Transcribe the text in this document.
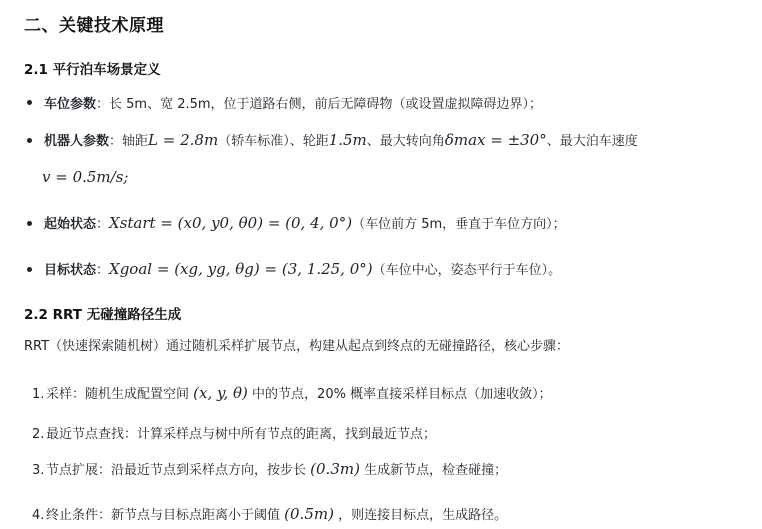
二、关键技术原理
2.1 平行泊车场景定义
车位参数：长 5m、宽 2.5m，位于道路右侧，前后无障碍物（或设置虚拟障碍边界）；
机器人参数：轴距L = 2.8m（轿车标准）、轮距1.5m、最大转向角δmax = ±30°、最大泊车速度
v = 0.5m/s;
起始状态：Xstart = (x0, y0, θ0) = (0, 4, 0°)（车位前方 5m，垂直于车位方向）；
目标状态：Xgoal = (xg, yg, θg) = (3, 1.25, 0°)（车位中心，姿态平行于车位）。
2.2 RRT 无碰撞路径生成
RRT（快速探索随机树）通过随机采样扩展节点，构建从起点到终点的无碰撞路径，核心步骤：
1. 采样：随机生成配置空间 (x, y, θ) 中的节点，20% 概率直接采样目标点（加速收敛）；
2. 最近节点查找：计算采样点与树中所有节点的距离，找到最近节点；
3. 节点扩展：沿最近节点到采样点方向，按步长 (0.3m) 生成新节点，检查碰撞；
4. 终止条件：新节点与目标点距离小于阈值 (0.5m) ，则连接目标点，生成路径。
